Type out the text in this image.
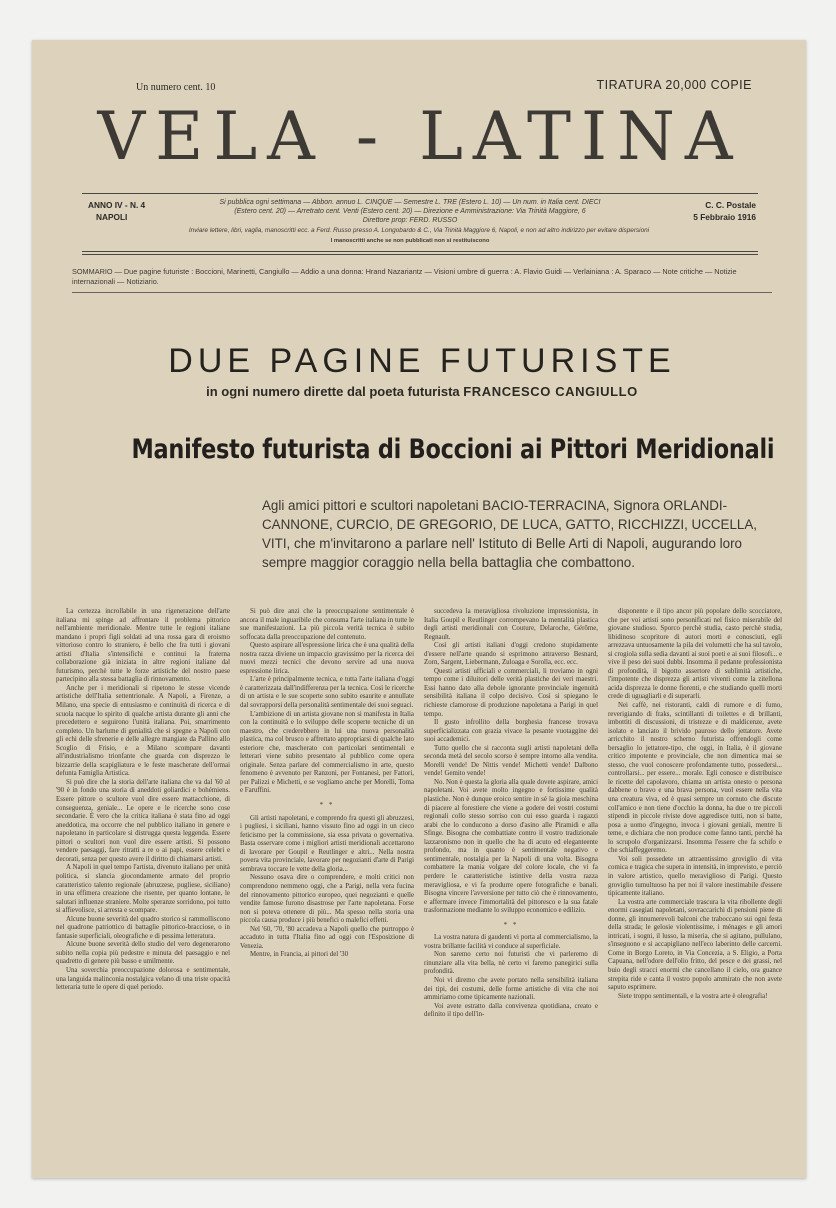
Un numero cent. 10	TIRATURA 20,000 COPIE
VELA - LATINA
ANNO IV - N. 4
NAPOLI
C. C. Postale
5 Febbraio 1916
Si pubblica ogni settimana — Abbon. annuo L. CINQUE — Semestre L. TRE (Estero L. 10) — Un num. in Italia cent. DIECI
(Estero cent. 20) — Arretrato cent. Venti (Estero cent. 20) — Direzione e Amministrazione: Via Trinità Maggiore, 6
Direttore prop: FERD. RUSSO
Inviare lettere, libri, vaglia, manoscritti ecc. a Ferd. Russo presso A. Longobardo & C., Via Trinità Maggiore 6, Napoli, e non ad altro indirizzo per evitare dispersioni
I manoscritti anche se non pubblicati non si restituiscono
SOMMARIO — Due pagine futuriste : Boccioni, Marinetti, Cangiullo — Addio a una donna: Hrand Nazariantz — Visioni umbre di guerra : A. Flavio Guidi — Verlainiana : A. Sparaco — Note critiche — Notizie internazionali — Notiziario.
DUE PAGINE FUTURISTE
in ogni numero dirette dal poeta futurista FRANCESCO CANGIULLO
Manifesto futurista di Boccioni ai Pittori Meridionali
Agli amici pittori e scultori napoletani BACIO-TERRACINA, Signora ORLANDI-CANNONE, CURCIO, DE GREGORIO, DE LUCA, GATTO, RICCHIZZI, UCCELLA, VITI, che m'invitarono a parlare nell' Istituto di Belle Arti di Napoli, augurando loro sempre maggior coraggio nella bella battaglia che combattono.

La certezza incrollabile in una rigenerazione dell'arte italiana mi spinge ad affrontare il problema pittorico nell'ambiente meridionale. Mentre tutte le regioni italiane mandano i propri figli soldati ad una rossa gara di eroismo vittorioso contro lo straniero, è bello che fra tutti i giovani artisti d'Italia s'intensifichi e continui la fraterna collaborazione già iniziata in altre regioni italiane dal futurismo, perchè tutte le forze artistiche del nostro paese partecipino alla stessa battaglia di rinnovamento.

Anche per i meridionali si ripetono le stesse vicende artistiche dell'Italia settentrionale. A Napoli, a Firenze, a Milano, una specie di entusiasmo e continuità di ricerca e di scuola nacque lo spirito di qualche artista durante gli anni che precedettero e seguirono l'unità italiana. Poi, smarrimento completo. Un barlume di genialità che si spegne a Napoli con gli echi delle sfrenerie e delle allegre mangiate da Pallino allo Scoglio di Frisio, e a Milano scompare davanti all'industrialismo trionfante che guarda con disprezzo le bizzarrie della scapigliatura e le feste mascherate dell'ormai defunta Famiglia Artistica.

Si può dire che la storia dell'arte italiana che va dal '60 al '90 è in fondo una storia di aneddoti goliardici e bohémiens. Essere pittore o scultore vuol dire essere mattacchione, di conseguenza, geniale... Le opere e le ricerche sono cose secondarie. È vero che la critica italiana è stata fino ad oggi aneddotica, ma occorre che nel pubblico italiano in genere e napoletano in particolare si distrugga questa leggenda. Essere pittori o scultori non vuol dire essere artisti. Si possono vendere paesaggi, fare ritratti a re o ai papi, essere celebri e decorati, senza per questo avere il diritto di chiamarsi artisti.

A Napoli in quel tempo l'artista, divenuto italiano per unità politica, si slancia giocondamente armato del proprio caratteristico talento regionale (abruzzese, pugliese, siciliano) in una effimera creazione che risente, per quanto lontane, le salutari influenze straniere. Molte speranze sorridono, poi tutto si affievolisce, si arresta e scompare.

Alcune buone severità del quadro storico si rammolliscono nel quadrone patriottico di battaglie pittorico-bracciose, o in fantasie superficiali, oleografiche e di pessima letteratura.

Alcune buone severità dello studio del vero degenerarono subito nella copia più pedestre e minuta del paesaggio e nel quadretto di genere più basso e umilmente.

Una soverchia preoccupazione dolorosa e sentimentale, una languida malinconia nostalgica velano di una triste opacità letteraria tutte le opere di quel periodo.

Si può dire anzi che la preoccupazione sentimentale è ancora il male inguaribile che consuma l'arte italiana in tutte le sue manifestazioni. La più piccola verità tecnica è subito soffocata dalla preoccupazione del contenuto.

Questo aspirare all'espressione lirica che è una qualità della nostra razza diviene un impaccio gravissimo per la ricerca dei nuovi mezzi tecnici che devono servire ad una nuova espressione lirica.

L'arte è principalmente tecnica, e tutta l'arte italiana d'oggi è caratterizzata dall'indifferenza per la tecnica. Così le ricerche di un artista e le sue scoperte sono subito esaurite e annullate dal sovrapporsi della personalità sentimentale dei suoi seguaci.

L'ambizione di un artista giovane non si manifesta in Italia con la continuità e lo sviluppo delle scoperte tecniche di un maestro, che crederebbero in lui una nuova personalità plastica, ma col brusco e affrettato appropriarsi di qualche lato esteriore che, mascherato con particolari sentimentali e letterari viene subito presentato al pubblico come opera originale. Senza parlare del commercialismo in arte, questo fenomeno è avvenuto per Ranzoni, per Fontanesi, per Fattori, per Palizzi e Michetti, e se vogliamo anche per Morelli, Toma e Faruffini.

* *

Gli artisti napoletani, e comprendo fra questi gli abruzzesi, i pugliesi, i siciliani, hanno vissuto fino ad oggi in un cieco feticismo per la commissione, sia essa privata o governativa. Basta osservare come i migliori artisti meridionali accettarono di lavorare per Goupil e Reutlinger e altri... Nella nostra povera vita provinciale, lavorare per negozianti d'arte di Parigi sembrava toccare le vette della gloria...

Nessuno osava dire o comprendere, e molti critici non comprendono nemmeno oggi, che a Parigi, nella vera fucina del rinnovamento pittorico europeo, quei negozianti e quelle vendite famose furono disastrose per l'arte napoletana. Forse non si poteva ottenere di più... Ma spesso nella storia una piccola causa produce i più benefici o malefici effetti.

Nel '60, '70, '80 accadeva a Napoli quello che purtroppo è accaduto in tutta l'Italia fino ad oggi con l'Esposizione di Venezia.

Mentre, in Francia, ai pittori del '30

succedeva la meravigliosa rivoluzione impressionista, in Italia Goupil e Reutlinger corrompevano la mentalità plastica degli artisti meridionali con Couture, Delaroche, Gérôme, Regnault.

Così gli artisti italiani d'oggi credono stupidamente d'essere nell'arte quando si esprimono attraverso Besnard, Zorn, Sargent, Liebermann, Zuloaga e Sorolla, ecc. ecc.

Questi artisti ufficiali e commerciali, li troviamo in ogni tempo come i diluitori delle verità plastiche dei veri maestri. Essi hanno dato alla debole ignorante provinciale ingenuità sensibilità italiana il colpo decisivo. Così si spiegano le richieste clamorose di produzione napoletana a Parigi in quel tempo.

Il gusto infrollito della borghesia francese trovava superficializzata con grazia vivace la pesante vuotaggine dei suoi accademici.

Tutto quello che si racconta sugli artisti napoletani della seconda metà del secolo scorso è sempre intorno alla vendita. Morelli vende! De Nittis vende! Michetti vende! Dalbono vende! Gemito vende!

No. Non è questa la gloria alla quale dovete aspirare, amici napoletani. Voi avete molto ingegno e fortissime qualità plastiche. Non è dunque eroico sentire in sé la gioia meschina di piacere al forestiere che viene a godere dei vostri costumi regionali collo stesso sorriso con cui esso guarda i ragazzi arabi che lo conducono a dorso d'asino alle Piramidi e alla Sfinge. Bisogna che combattiate contro il vostro tradizionale lazzaronismo non in quello che ha di acuto ed eleganteente profondo, ma in quanto è sentimentale negativo e sentimentale, nostalgia per la Napoli di una volta. Bisogna combattere la mania volgare del colore locale, che vi fa perdere le caratteristiche istintive della vostra razza meravigliosa, e vi fa produrre opere fotografiche e banali. Bisogna vincere l'avversione per tutto ciò che è rinnovamento, e affermare invece l'immortalità del pittoresco e la sua fatale trasformazione mediante lo sviluppo economico e edilizio.

* *

La vostra natura di gaudenti vi porta al commercialismo, la vostra brillante facilità vi conduce al superficiale.

Non saremo certo noi futuristi che vi parleremo di rinunziare alla vita bella, nè certo vi faremo panegirici sulla profondità.

Noi vi diremo che avete portato nella sensibilità italiana dei tipi, dei costumi, delle forme artistiche di vita che noi ammiriamo come tipicamente nazionali.

Voi avete estratto dalla convivenza quotidiana, creato e definito il tipo dell'in-

disponente e il tipo ancor più popolare dello scocciatore, che per voi artisti sono personificati nel fisico miserabile del giovane studioso. Sporco perchè studia, casto perchè studia, libidinoso scopritore di autori morti e conosciuti, egli arrezzava untuosamente la pila dei volumetti che ha sul tavolo, si crogiola sulla sedia davanti ai suoi poeti e ai suoi filosofi... e vive il peso dei suoi dubbi. Insomma il pedante professionista di profondità, il bigotto assertore di sublimità artistiche, l'impotente che disprezza gli artisti viventi come la zitellona acida disprezza le donne fiorenti, e che studiando quelli morti crede di uguagliarli e di superarli.

Nei caffè, nei ristoranti, caldi di rumore e di fumo, reverigiando di fraks, scintillanti di toilettes e di brillanti, imbottiti di discussioni, di tristezze e di maldicenze, avete isolato e lanciato il brivido pauroso dello jettatore. Avete arricchito il nostro scherno futurista offrendogli come bersaglio lo jettatore-tipo, che oggi, in Italia, è il giovane critico impotente e provinciale, che non dimentica mai se stesso, che vuol conoscere profondamente tutto, possedersi... controllarsi... per essere... morale. Egli conosce e distribuisce le ricette del capolavoro, chiama un artista onesto o persona dabbene o bravo e una brava persona, vuol essere nella vita una creatura viva, ed è quasi sempre un cornuto che discute coll'amico e non tiene d'occhio la donna, ha due o tre piccoli stipendi in piccole riviste dove aggredisce tutti, non si batte, posa a uomo d'ingegno, invoca i giovani geniali, mentre li teme, e dichiara che non produce come fanno tanti, perchè ha lo scrupolo d'organizzarsi. Insomma l'essere che fa schifo e che schiaffeggeremo.

Voi soli possedete un attraentissimo groviglio di vita comica e tragica che supera in intensità, in imprevisto, e perciò in valore artistico, quello meraviglioso di Parigi. Questo groviglio tumultuoso ha per noi il valore inestimabile d'essere tipicamente italiano.

La vostra arte commerciale trascura la vita ribollente degli enormi casegiati napoletani, sovraccarichi di pensioni piene di donne, gli innumerevoli balconi che traboccano sui ogni festa della strada; le gelosie violentissime, i ménages e gli amori intricati, i sogni, il lusso, la miseria, che si agitano, pullulano, s'inseguono e si accapigliano nell'eco laberinto delle carcerni. Come in Borgo Loreto, in Via Concezia, a S. Eligio, a Porta Capuana, nell'odore dell'olio fritto, del pesce e dei grassi, nel buio degli stracci enormi che cancellano il cielo, ora guance strepita ride e canta il vostro popolo ammirato che non avete saputo esprimere.

Siete troppo sentimentali, e la vostra arte è oleografia!
